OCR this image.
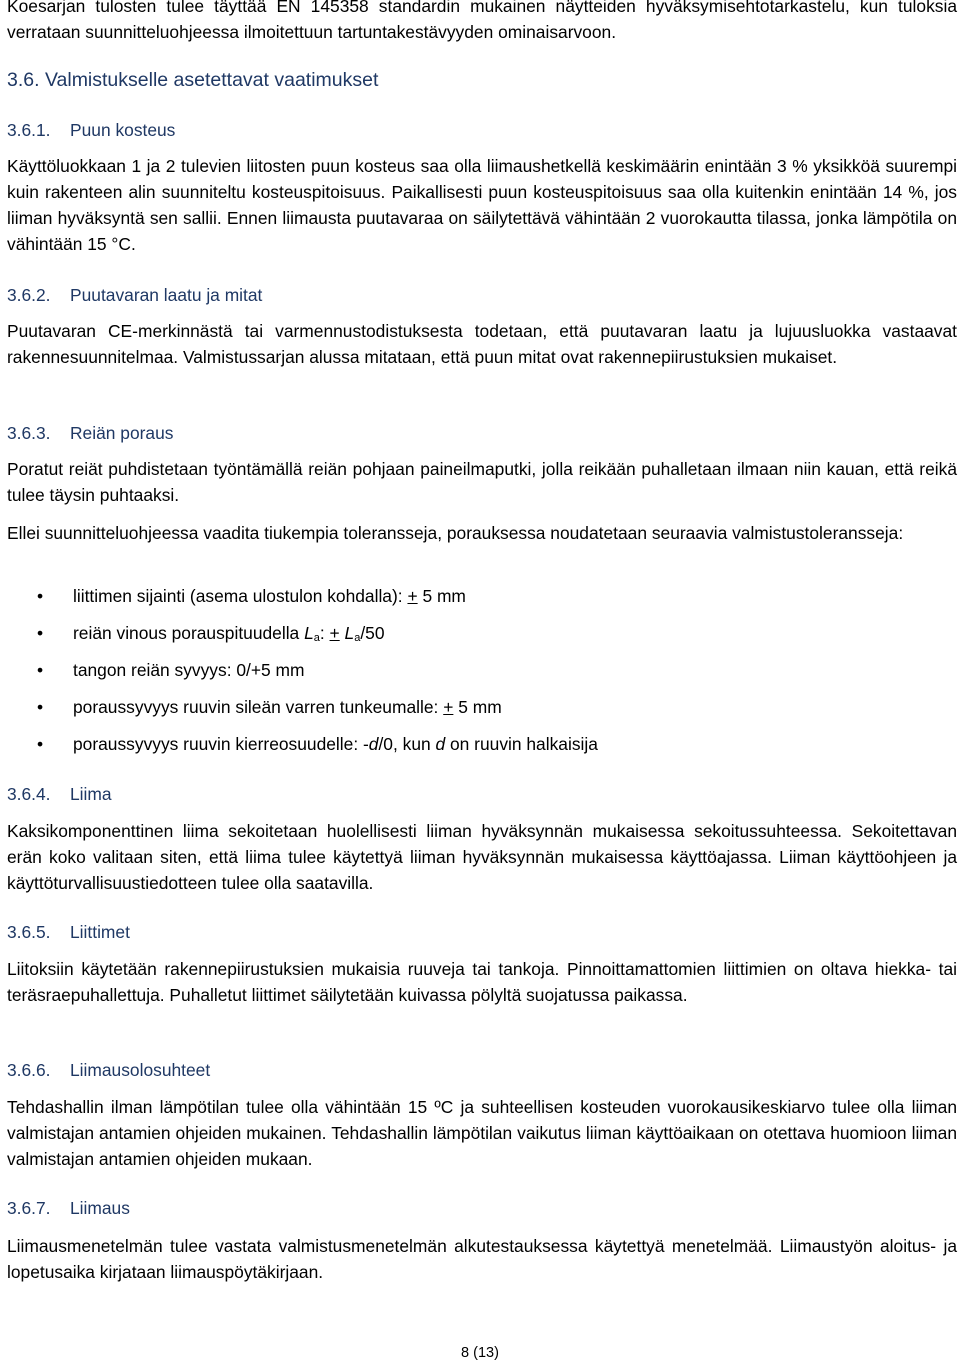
Koesarjan tulosten tulee täyttää EN 145358 standardin mukainen näytteiden hyväksymisehtotarkastelu, kun tuloksia verrataan suunnitteluohjeessa ilmoitettuun tartuntakestävyyden ominaisarvoon.

3.6. Valmistukselle asetettavat vaatimukset
3.6.1. Puun kosteus

Käyttöluokkaan 1 ja 2 tulevien liitosten puun kosteus saa olla liimaushetkellä keskimäärin enintään 3 % yksikköä suurempi kuin rakenteen alin suunniteltu kosteuspitoisuus. Paikallisesti puun kosteuspitoisuus saa olla kuitenkin enintään 14 %, jos liiman hyväksyntä sen sallii. Ennen liimausta puutavaraa on säilytettävä vähintään 2 vuorokautta tilassa, jonka lämpötila on vähintään 15 °C.

3.6.2. Puutavaran laatu ja mitat

Puutavaran CE-merkinnästä tai varmennustodistuksesta todetaan, että puutavaran laatu ja lujuusluokka vastaavat rakennesuunnitelmaa. Valmistussarjan alussa mitataan, että puun mitat ovat rakennepiirustuksien mukaiset.

3.6.3. Reiän poraus

Poratut reiät puhdistetaan työntämällä reiän pohjaan paineilmaputki, jolla reikään puhalletaan ilmaan niin kauan, että reikä tulee täysin puhtaaksi.

Ellei suunnitteluohjeessa vaadita tiukempia toleransseja, porauksessa noudatetaan seuraavia valmistustoleransseja:

• liittimen sijainti (asema ulostulon kohdalla): + 5 mm
• reiän vinous porauspituudella $L_a$: + $L_a/50$
• tangon reiän syvyys: 0/+5 mm
• poraussyvyys ruuvin sileän varren tunkeumalle: + 5 mm
• poraussyvyys ruuvin kierreosuudelle: -d/0, kun d on ruuvin halkaisija
3.6.4. Liima

Kaksikomponenttinen liima sekoitetaan huolellisesti liiman hyväksynnän mukaisessa sekoitussuhteessa. Sekoitettavan erän koko valitaan siten, että liima tulee käytettyä liiman hyväksynnän mukaisessa käyttöajassa. Liiman käyttöohjeen ja käyttöturvallisuustiedotteen tulee olla saatavilla.

3.6.5. Liittimet

Liitoksiin käytetään rakennepiirustuksien mukaisia ruuveja tai tankoja. Pinnoittamattomien liittimien on oltava hiekka- tai teräsraepuhallettuja. Puhalletut liittimet säilytetään kuivassa pölyltä suojatussa paikassa.

3.6.6. Liimausolosuhteet

Tehdashallin ilman lämpötilan tulee olla vähintään 15 ºC ja suhteellisen kosteuden vuorokausikeskiarvo tulee olla liiman valmistajan antamien ohjeiden mukainen. Tehdashallin lämpötilan vaikutus liiman käyttöaikaan on otettava huomioon liiman valmistajan antamien ohjeiden mukaan.

3.6.7. Liimaus

Liimausmenetelmän tulee vastata valmistusmenetelmän alkutestauksessa käytettyä menetelmää. Liimaustyön aloitus- ja lopetusaika kirjataan liimauspöytäkirjaan.

8 (13)
